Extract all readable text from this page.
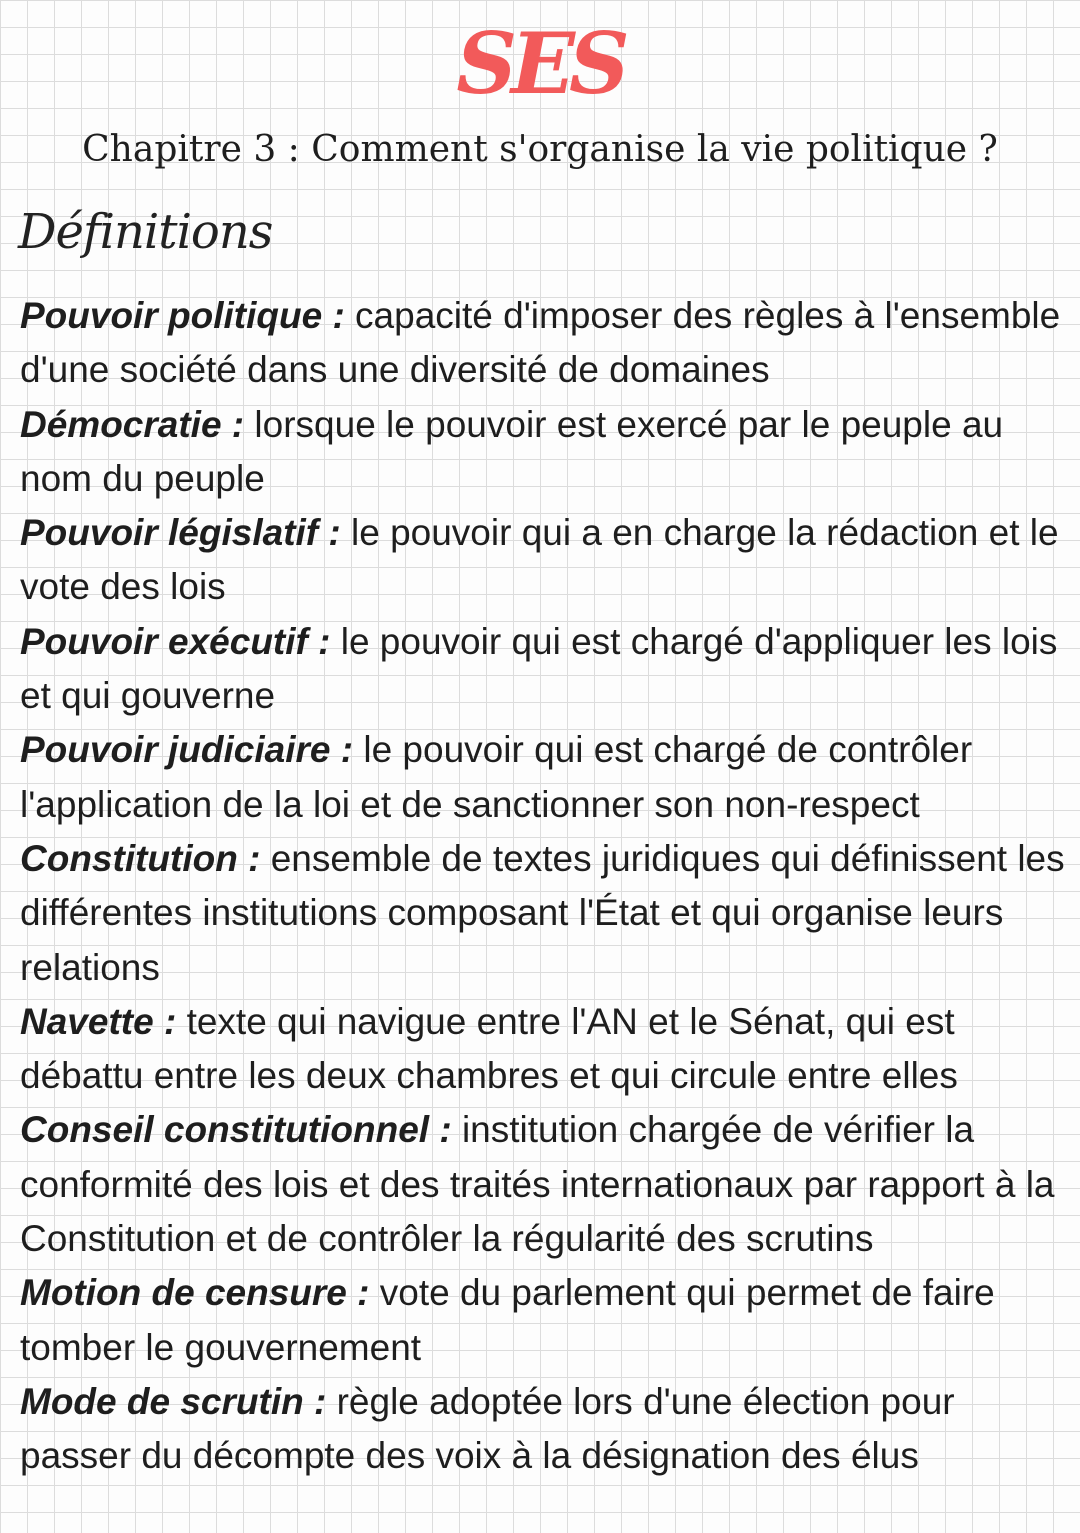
SES
Chapitre 3 : Comment s'organise la vie politique ?
Définitions

Pouvoir politique : capacité d'imposer des règles à l'ensemble d'une société dans une diversité de domaines

Démocratie : lorsque le pouvoir est exercé par le peuple au nom du peuple

Pouvoir législatif : le pouvoir qui a en charge la rédaction et le vote des lois

Pouvoir exécutif : le pouvoir qui est chargé d'appliquer les lois et qui gouverne

Pouvoir judiciaire : le pouvoir qui est chargé de contrôler l'application de la loi et de sanctionner son non-respect

Constitution : ensemble de textes juridiques qui définissent les différentes institutions composant l'État et qui organise leurs relations

Navette : texte qui navigue entre l'AN et le Sénat, qui est débattu entre les deux chambres et qui circule entre elles

Conseil constitutionnel : institution chargée de vérifier la conformité des lois et des traités internationaux par rapport à la Constitution et de contrôler la régularité des scrutins

Motion de censure : vote du parlement qui permet de faire tomber le gouvernement

Mode de scrutin : règle adoptée lors d'une élection pour passer du décompte des voix à la désignation des élus
